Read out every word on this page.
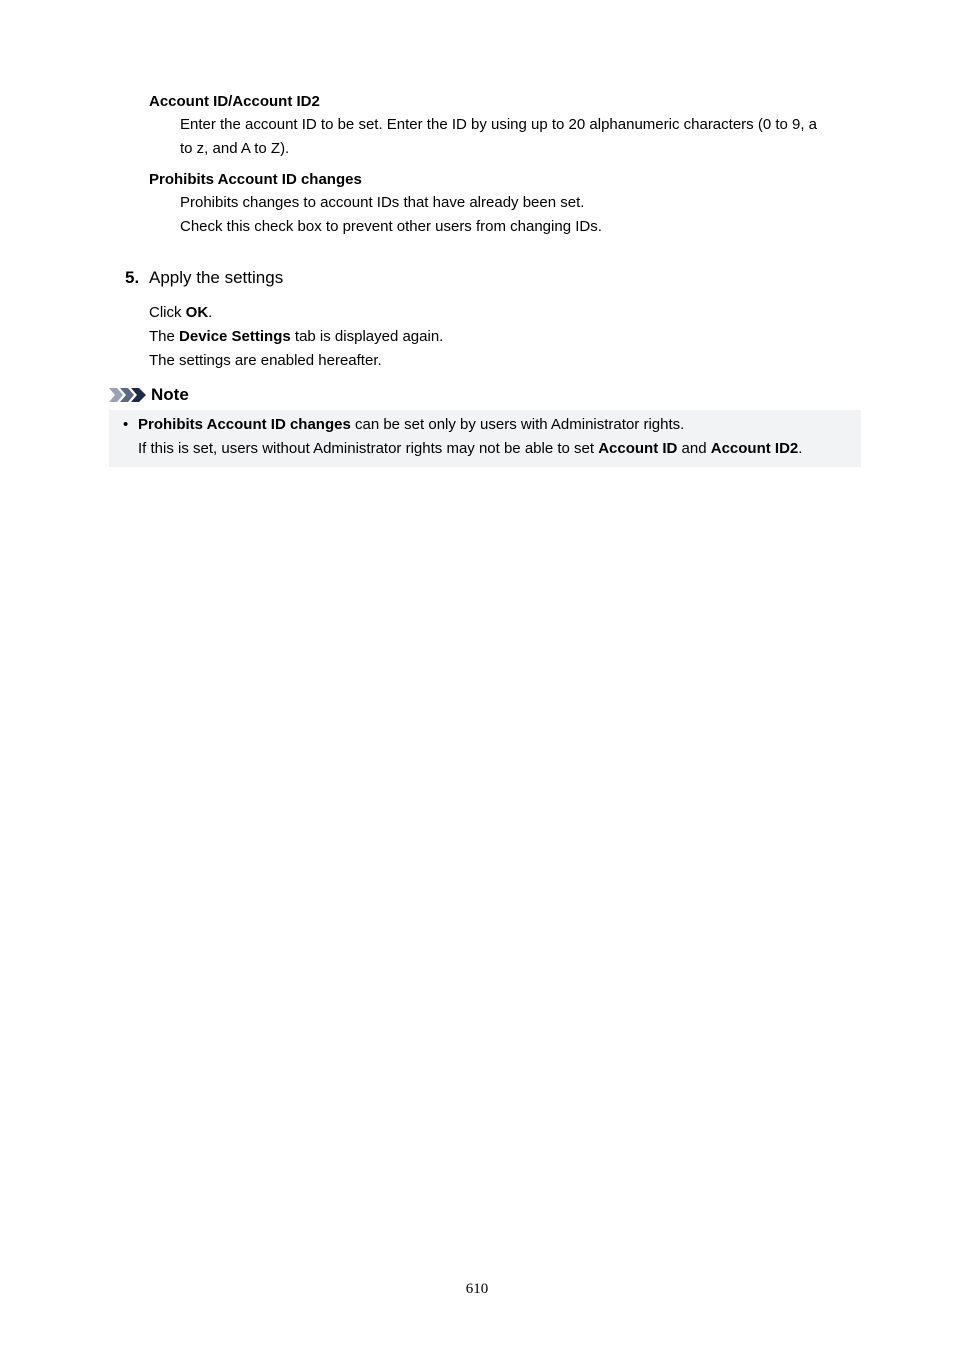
Account ID/Account ID2
Enter the account ID to be set. Enter the ID by using up to 20 alphanumeric characters (0 to 9, a
to z, and A to Z).
Prohibits Account ID changes
Prohibits changes to account IDs that have already been set.
Check this check box to prevent other users from changing IDs.
5. Apply the settings
Click OK.
The Device Settings tab is displayed again.
The settings are enabled hereafter.
Note
• Prohibits Account ID changes can be set only by users with Administrator rights.
If this is set, users without Administrator rights may not be able to set Account ID and Account ID2.
610
